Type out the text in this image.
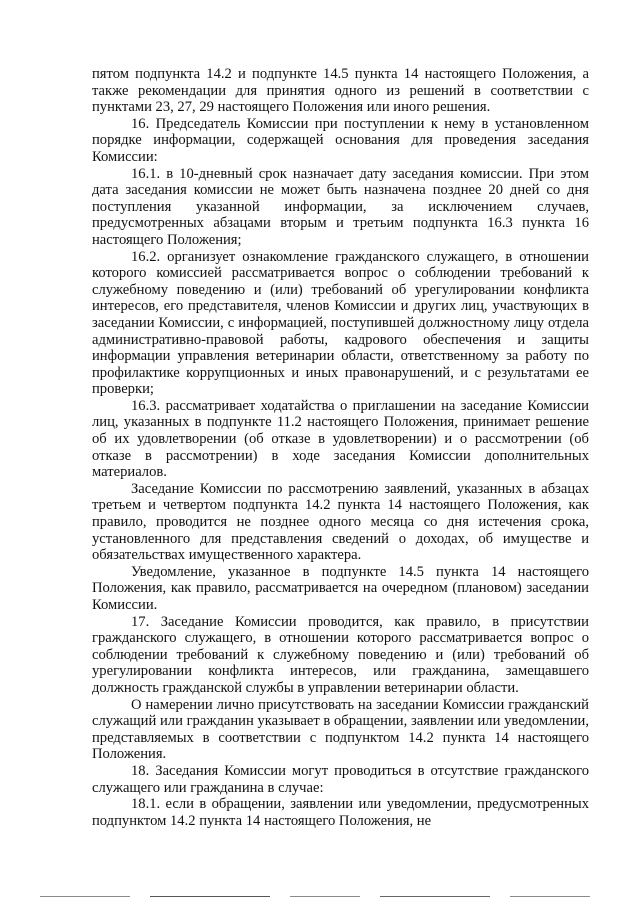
пятом подпункта 14.2 и подпункте 14.5 пункта 14 настоящего Положения, а также рекомендации для принятия одного из решений в соответствии с пунктами 23, 27, 29 настоящего Положения или иного решения.

16. Председатель Комиссии при поступлении к нему в установленном порядке информации, содержащей основания для проведения заседания Комиссии:

16.1. в 10-дневный срок назначает дату заседания комиссии. При этом дата заседания комиссии не может быть назначена позднее 20 дней со дня поступления указанной информации, за исключением случаев, предусмотренных абзацами вторым и третьим подпункта 16.3 пункта 16 настоящего Положения;

16.2. организует ознакомление гражданского служащего, в отношении которого комиссией рассматривается вопрос о соблюдении требований к служебному поведению и (или) требований об урегулировании конфликта интересов, его представителя, членов Комиссии и других лиц, участвующих в заседании Комиссии, с информацией, поступившей должностному лицу отдела административно-правовой работы, кадрового обеспечения и защиты информации управления ветеринарии области, ответственному за работу по профилактике коррупционных и иных правонарушений, и с результатами ее проверки;

16.3. рассматривает ходатайства о приглашении на заседание Комиссии лиц, указанных в подпункте 11.2 настоящего Положения, принимает решение об их удовлетворении (об отказе в удовлетворении) и о рассмотрении (об отказе в рассмотрении) в ходе заседания Комиссии дополнительных материалов.

Заседание Комиссии по рассмотрению заявлений, указанных в абзацах третьем и четвертом подпункта 14.2 пункта 14 настоящего Положения, как правило, проводится не позднее одного месяца со дня истечения срока, установленного для представления сведений о доходах, об имуществе и обязательствах имущественного характера.

Уведомление, указанное в подпункте 14.5 пункта 14 настоящего Положения, как правило, рассматривается на очередном (плановом) заседании Комиссии.

17. Заседание Комиссии проводится, как правило, в присутствии гражданского служащего, в отношении которого рассматривается вопрос о соблюдении требований к служебному поведению и (или) требований об урегулировании конфликта интересов, или гражданина, замещавшего должность гражданской службы в управлении ветеринарии области.

О намерении лично присутствовать на заседании Комиссии гражданский служащий или гражданин указывает в обращении, заявлении или уведомлении, представляемых в соответствии с подпунктом 14.2 пункта 14 настоящего Положения.

18. Заседания Комиссии могут проводиться в отсутствие гражданского служащего или гражданина в случае:

18.1. если в обращении, заявлении или уведомлении, предусмотренных подпунктом 14.2 пункта 14 настоящего Положения, не
